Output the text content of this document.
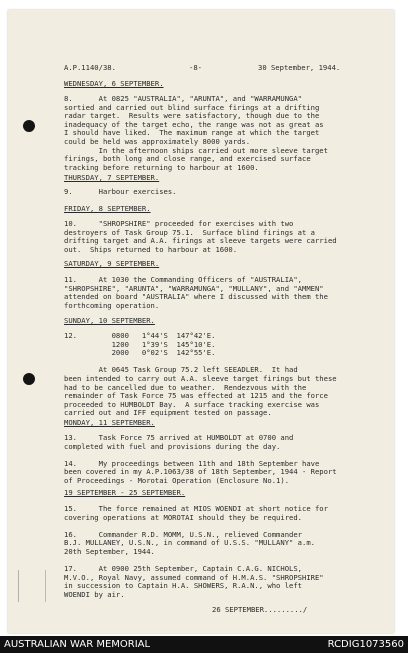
A.P.1140/38.	-8-	30 September, 1944.
WEDNESDAY, 6 SEPTEMBER.
8.      At 0825 "AUSTRALIA", "ARUNTA", and "WARRAMUNGA"
sortied and carried out blind surface firings at a drifting
radar target.  Results were satisfactory, though due to the
inadequacy of the target echo, the range was not as great as
I should have liked.  The maximum range at which the target
could be held was approximately 8000 yards.
In the afternoon ships carried out more sleeve target
firings, both long and close range, and exercised surface
tracking before returning to harbour at 1600.
THURSDAY, 7 SEPTEMBER.
9.      Harbour exercises.
FRIDAY, 8 SEPTEMBER.
10.     "SHROPSHIRE" proceeded for exercises with two
destroyers of Task Group 75.1.  Surface blind firings at a
drifting target and A.A. firings at sleeve targets were carried
out.  Ships returned to harbour at 1600.
SATURDAY, 9 SEPTEMBER.
11.     At 1030 the Commanding Officers of "AUSTRALIA",
"SHROPSHIRE", "ARUNTA", "WARRAMUNGA", "MULLANY", and "AMMEN"
attended on board "AUSTRALIA" where I discussed with them the
forthcoming operation.
SUNDAY, 10 SEPTEMBER.
12.        0800   1°44'S  147°42'E.
1200   1°39'S  145°10'E.
2000   0°02'S  142°55'E.
At 0645 Task Group 75.2 left SEEADLER.  It had
been intended to carry out A.A. sleeve target firings but these
had to be cancelled due to weather.  Rendezvous with the
remainder of Task Force 75 was effected at 1215 and the force
proceeded to HUMBOLDT Bay.  A surface tracking exercise was
carried out and IFF equipment tested on passage.
MONDAY, 11 SEPTEMBER.
13.     Task Force 75 arrived at HUMBOLDT at 0700 and
completed with fuel and provisions during the day.
14.     My proceedings between 11th and 18th September have
been covered in my A.P.1063/38 of 18th September, 1944 - Report
of Proceedings - Morotai Operation (Enclosure No.1).
19 SEPTEMBER - 25 SEPTEMBER.
15.     The force remained at MIOS WOENDI at short notice for
covering operations at MOROTAI should they be required.
16.     Commander R.D. MOMM, U.S.N., relieved Commander
B.J. MULLANEY, U.S.N., in command of U.S.S. "MULLANY" a.m.
20th September, 1944.
17.     At 0900 25th September, Captain C.A.G. NICHOLS,
M.V.O., Royal Navy, assumed command of H.M.A.S. "SHROPSHIRE"
in succession to Captain H.A. SHOWERS, R.A.N., who left
WOENDI by air.
26 SEPTEMBER........./
AUSTRALIAN WAR MEMORIAL	RCDIG1073560
